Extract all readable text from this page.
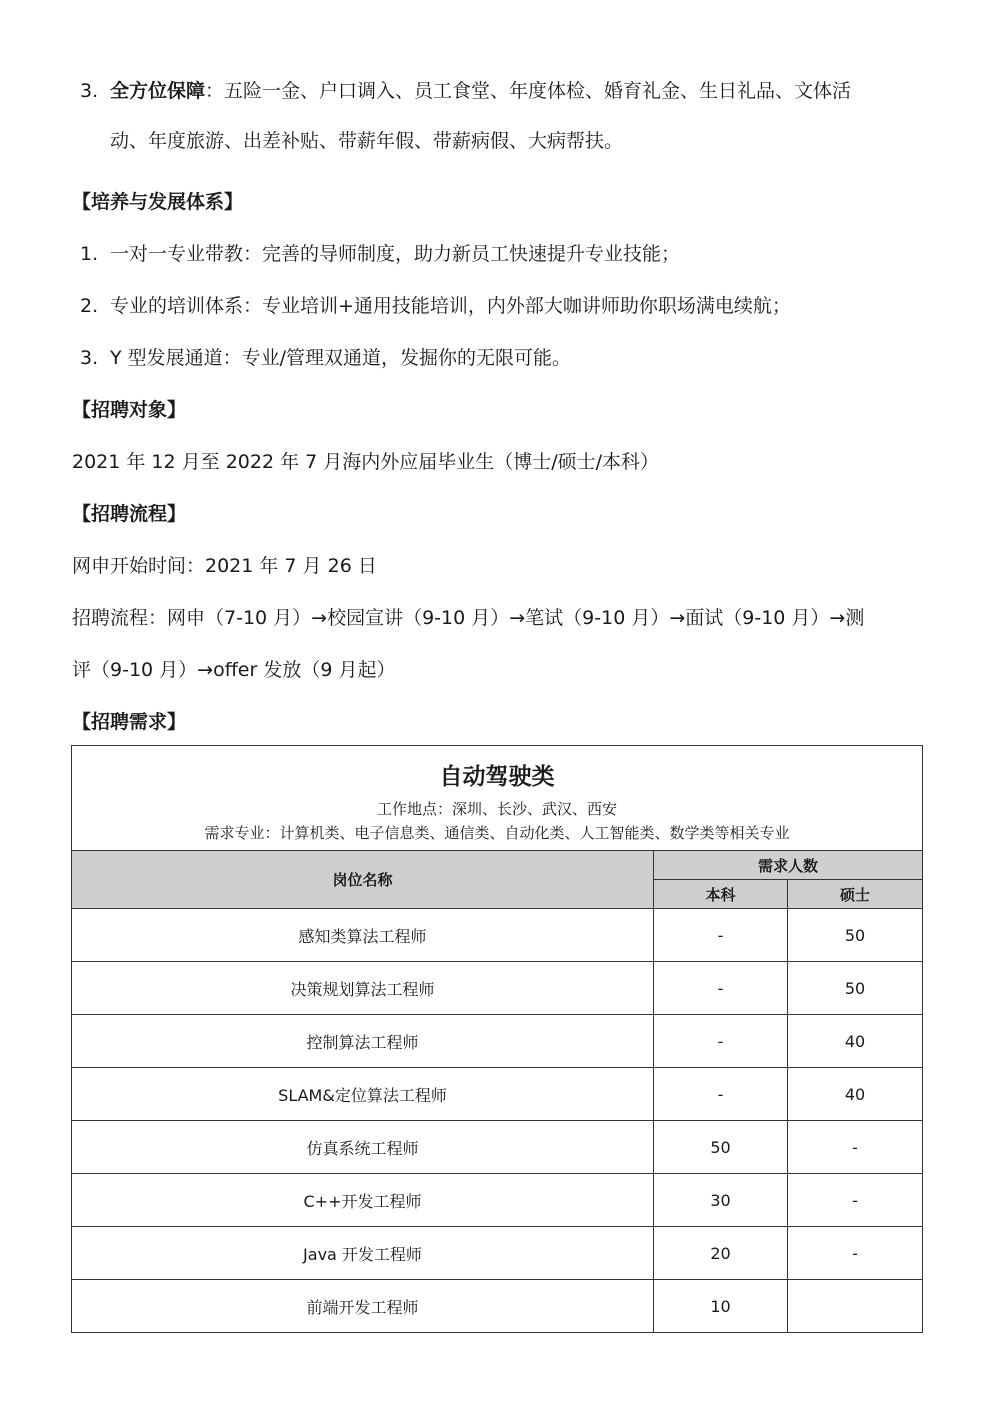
3. 全方位保障：五险一金、户口调入、员工食堂、年度体检、婚育礼金、生日礼品、文体活
动、年度旅游、出差补贴、带薪年假、带薪病假、大病帮扶。
【培养与发展体系】
1. 一对一专业带教：完善的导师制度，助力新员工快速提升专业技能；
2. 专业的培训体系：专业培训+通用技能培训，内外部大咖讲师助你职场满电续航；
3. Y 型发展通道：专业/管理双通道，发掘你的无限可能。
【招聘对象】
2021 年 12 月至 2022 年 7 月海内外应届毕业生（博士/硕士/本科）
【招聘流程】
网申开始时间：2021 年 7 月 26 日
招聘流程：网申（7-10 月）→校园宣讲（9-10 月）→笔试（9-10 月）→面试（9-10 月）→测
评（9-10 月）→offer 发放（9 月起）
【招聘需求】
自动驾驶类
工作地点：深圳、长沙、武汉、西安
需求专业：计算机类、电子信息类、通信类、自动化类、人工智能类、数学类等相关专业		

岗位名称	需求人数	
	本科	硕士
感知类算法工程师	-	50
决策规划算法工程师	-	50
控制算法工程师	-	40
SLAM&定位算法工程师	-	40
仿真系统工程师	50	-
C++开发工程师	30	-
Java 开发工程师	20	-
前端开发工程师	10	
